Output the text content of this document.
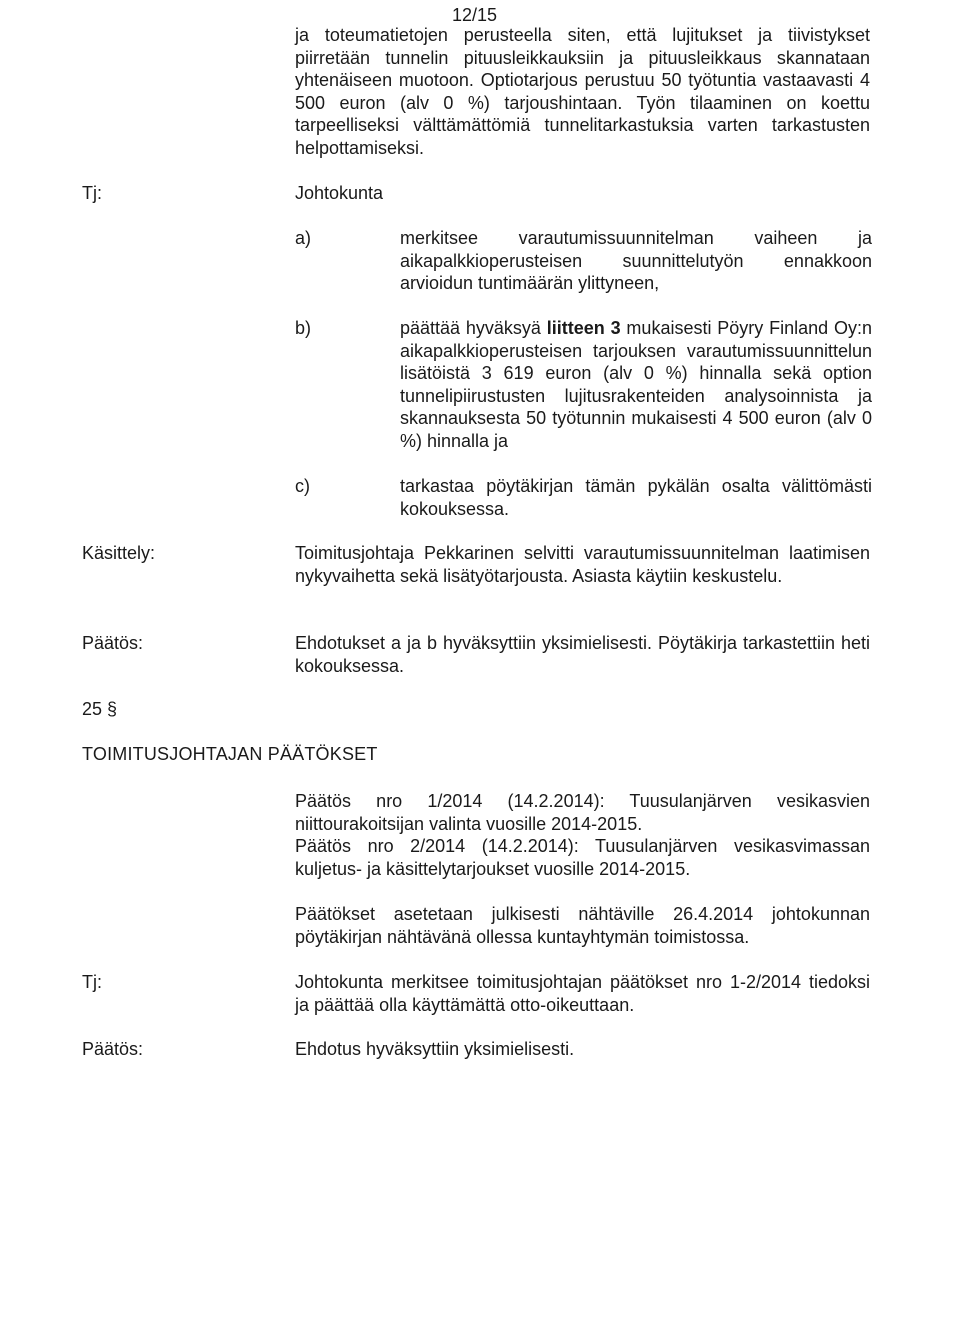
12/15
ja toteumatietojen perusteella siten, että lujitukset ja tiivistykset piirretään tunnelin pituusleikkauksiin ja pituusleikkaus skannataan yhtenäiseen muotoon. Optiotarjous perustuu 50 työtuntia vastaavasti 4 500 euron (alv 0 %) tarjoushintaan. Työn tilaaminen on koettu tarpeelliseksi välttämättömiä tunnelitarkastuksia varten tarkastusten helpottamiseksi.
Tj:	Johtokunta
a)	merkitsee varautumissuunnitelman vaiheen ja aikapalkkioperusteisen suunnittelutyön ennakkoon arvioidun tuntimäärän ylittyneen,
b)	päättää hyväksyä liitteen 3 mukaisesti Pöyry Finland Oy:n aikapalkkioperusteisen tarjouksen varautumissuunnittelun lisätöistä 3 619 euron (alv 0 %) hinnalla sekä option tunnelipiirustusten lujitusrakenteiden analysoinnista ja skannauksesta 50 työtunnin mukaisesti 4 500 euron (alv 0 %) hinnalla ja
c)	tarkastaa pöytäkirjan tämän pykälän osalta välittömästi kokouksessa.
Käsittely:	Toimitusjohtaja Pekkarinen selvitti varautumissuunnitelman laatimisen nykyvaihetta sekä lisätyötarjousta. Asiasta käytiin keskustelu.
Päätös:	Ehdotukset a ja b hyväksyttiin yksimielisesti. Pöytäkirja tarkastettiin heti kokouksessa.
25 §
TOIMITUSJOHTAJAN PÄÄTÖKSET
Päätös nro 1/2014 (14.2.2014): Tuusulanjärven vesikasvien niittourakoitsijan valinta vuosille 2014-2015.
Päätös nro 2/2014 (14.2.2014): Tuusulanjärven vesikasvimassan kuljetus- ja käsittelytarjoukset vuosille 2014-2015.
Päätökset asetetaan julkisesti nähtäville 26.4.2014 johtokunnan pöytäkirjan nähtävänä ollessa kuntayhtymän toimistossa.
Tj:	Johtokunta merkitsee toimitusjohtajan päätökset nro 1-2/2014 tiedoksi ja päättää olla käyttämättä otto-oikeuttaan.
Päätös:	Ehdotus hyväksyttiin yksimielisesti.
